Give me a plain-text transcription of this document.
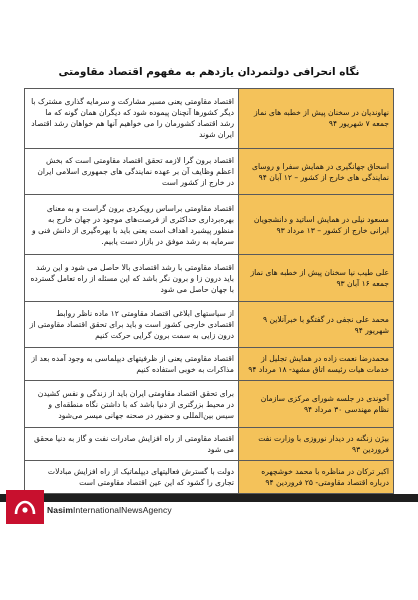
نگاه انحرافی دولتمردان یازدهم به مفهوم اقتصاد مقاومتی
نهاوندیان در سخنان پیش از خطبه های نماز جمعه ۷ شهریور ۹۴	اقتصاد مقاومتی یعنی مسیر مشارکت و سرمایه گذاری مشترک با دیگر کشورها آنچنان پیموده شود که دیگران همان گونه که ما رشد اقتصاد کشورمان را می خواهیم آنها هم خواهان رشد اقتصاد ایران شوند
اسحاق جهانگیری در همایش سفرا و روسای نمایندگی های خارج از کشور – ۱۲ آبان ۹۴	اقتصاد برون گرا لازمه تحقق اقتصاد مقاومتی است که بخش اعظم وظایف آن بر عهده نمایندگی های جمهوری اسلامی ایران در خارج از کشور است
مسعود نیلی در همایش اساتید و دانشجویان ایرانی خارج از کشور – ۱۳ مرداد ۹۳	اقتصاد مقاومتی براساس رویکردی برون گراست و به معنای بهره‌برداری حداکثری از فرصت‌های موجود در جهان خارج به منظور پیشبرد اهداف است یعنی باید با بهره‌گیری از دانش فنی و سرمایه به رشد موفق در بازار دست یابیم.
علی طیب نیا سخنان پیش از خطبه های نماز جمعه ۱۶ آبان ۹۳	اقتصاد مقاومتی با رشد اقتصادی بالا حاصل می شود و این رشد باید درون زا و برون نگر باشد که این مسئله از راه تعامل گسترده با جهان حاصل می شود
محمد علی نجفی در گفتگو با خبرآنلاین ۹ شهریور ۹۴	از سیاستهای ابلاغی اقتصاد مقاومتی ۱۲ ماده ناظر روابط اقتصادی خارجی کشور است و باید برای تحقق اقتصاد مقاومتی از درون زایی به سمت برون گرایی حرکت کنیم
محمدرضا نعمت زاده در همایش تجلیل از خدمات هیات رئیسه اتاق مشهد- ۱۸ مرداد ۹۴	اقتصاد مقاومتی یعنی از ظرفیتهای دیپلماسی به وجود آمده بعد از مذاکرات به خوبی استفاده کنیم
آخوندی در جلسه شورای مرکزی سازمان نظام مهندسی ۳۰ مرداد ۹۴	برای تحقق اقتصاد مقاومتی ایران باید از زندگی و نفس کشیدن در محیط بزرگتری از دنیا باشد که با داشتن نگاه منطقه‌ای و سیس بین‌المللی و حضور در صحنه جهانی میسر می‌شود
بیژن زنگنه در دیدار نوروزی با وزارت نفت فروردین ۹۳	اقتصاد مقاومتی از راه افزایش صادرات نفت و گاز به دنیا محقق می شود
اکبر ترکان در مناظره با محمد خوشچهره درباره اقتصاد مقاومتی- ۲۵ فروردین ۹۴	دولت با گسترش فعالیتهای دیپلماتیک از راه افزایش مبادلات تجاری را گشود که این عین اقتصاد مقاومتی است
NasimInternationalNewsAgency
